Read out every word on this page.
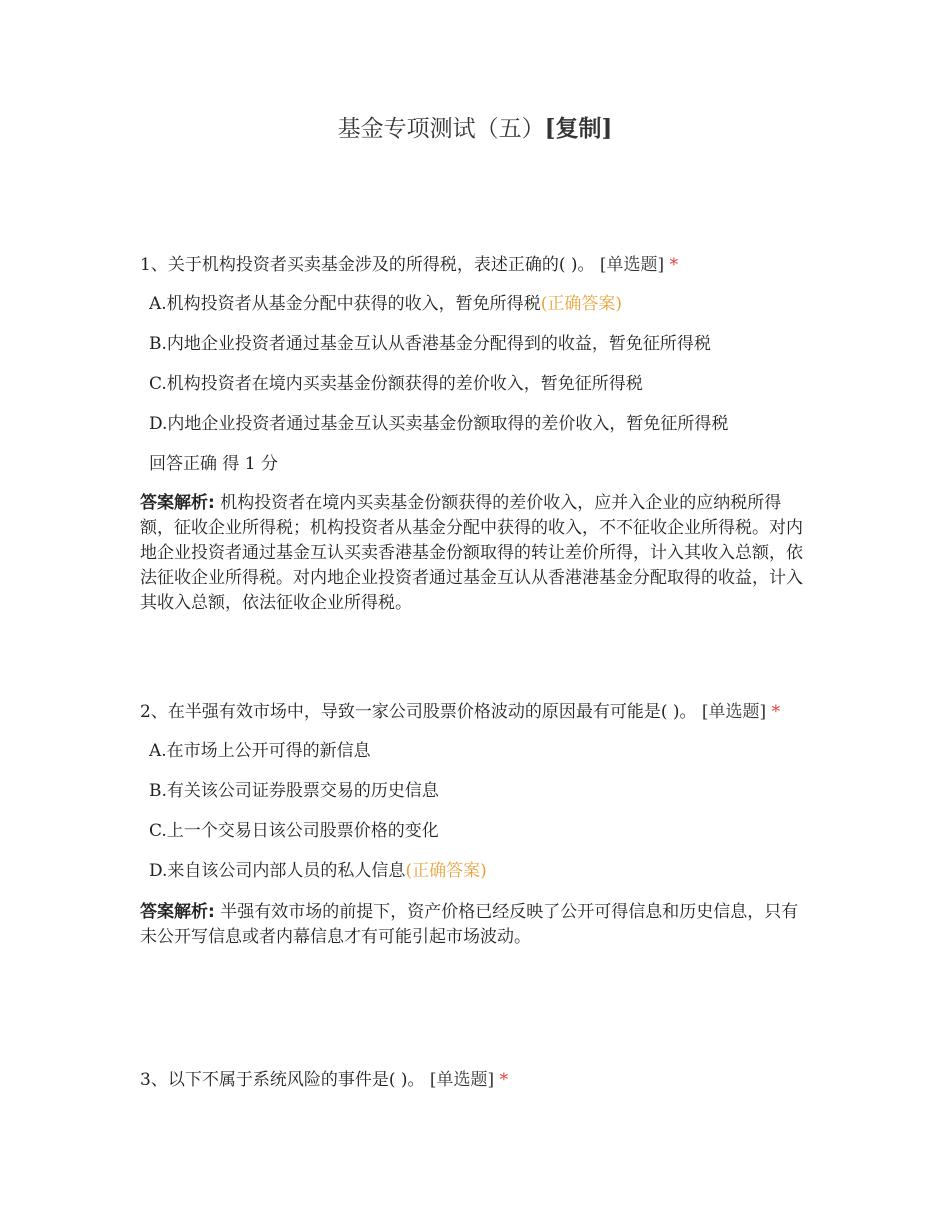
基金专项测试（五）[复制]
1、关于机构投资者买卖基金涉及的所得税，表述正确的( )。 [单选题] *
A.机构投资者从基金分配中获得的收入，暂免所得税(正确答案)
B.内地企业投资者通过基金互认从香港基金分配得到的收益，暂免征所得税
C.机构投资者在境内买卖基金份额获得的差价收入，暂免征所得税
D.内地企业投资者通过基金互认买卖基金份额取得的差价收入，暂免征所得税
回答正确 得 1 分
答案解析: 机构投资者在境内买卖基金份额获得的差价收入，应并入企业的应纳税所得额，征收企业所得税；机构投资者从基金分配中获得的收入，不不征收企业所得税。对内地企业投资者通过基金互认买卖香港基金份额取得的转让差价所得，计入其收入总额，依法征收企业所得税。对内地企业投资者通过基金互认从香港港基金分配取得的收益，计入其收入总额，依法征收企业所得税。
2、在半强有效市场中，导致一家公司股票价格波动的原因最有可能是( )。 [单选题] *
A.在市场上公开可得的新信息
B.有关该公司证券股票交易的历史信息
C.上一个交易日该公司股票价格的变化
D.来自该公司内部人员的私人信息(正确答案)
答案解析: 半强有效市场的前提下，资产价格已经反映了公开可得信息和历史信息，只有未公开写信息或者内幕信息才有可能引起市场波动。
3、以下不属于系统风险的事件是( )。 [单选题] *
